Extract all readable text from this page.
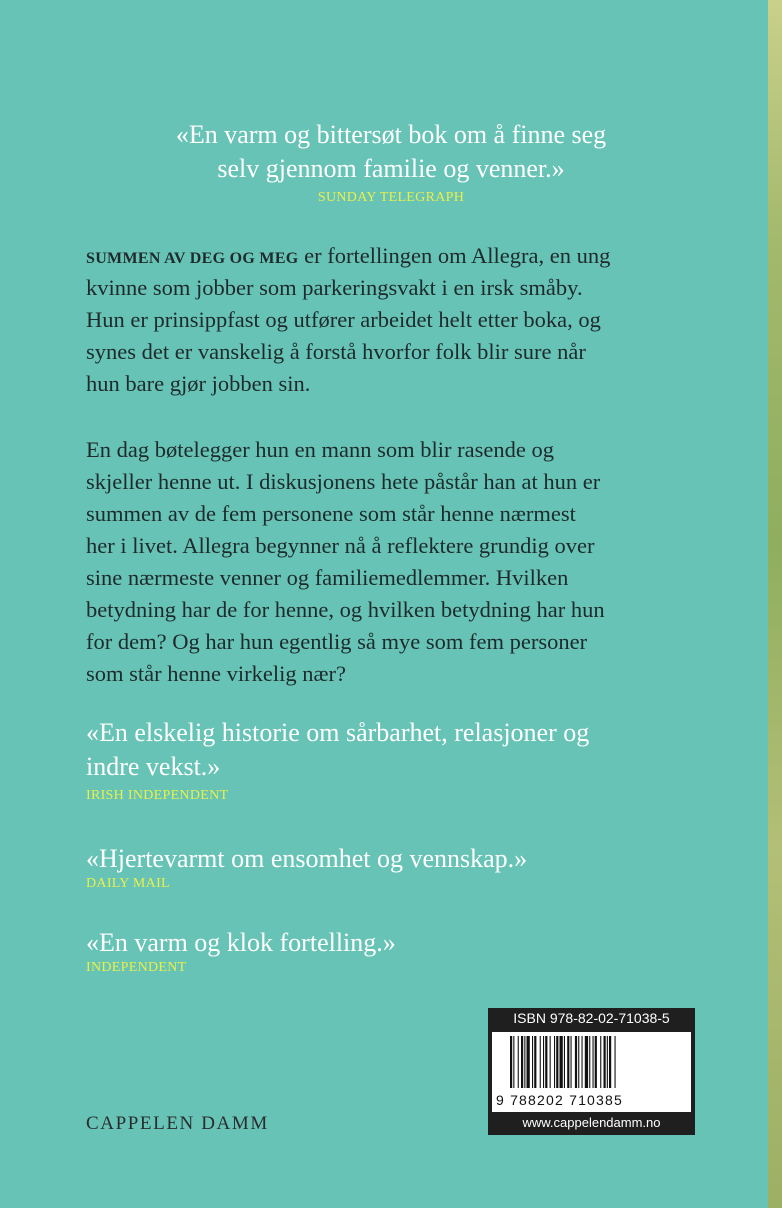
«En varm og bittersøt bok om å finne seg

selv gjennom familie og venner.»

SUNDAY TELEGRAPH

SUMMEN AV DEG OG MEG er fortellingen om Allegra, en ung

kvinne som jobber som parkeringsvakt i en irsk småby.

Hun er prinsippfast og utfører arbeidet helt etter boka, og

synes det er vanskelig å forstå hvorfor folk blir sure når

hun bare gjør jobben sin.

En dag bøtelegger hun en mann som blir rasende og

skjeller henne ut. I diskusjonens hete påstår han at hun er

summen av de fem personene som står henne nærmest

her i livet. Allegra begynner nå å reflektere grundig over

sine nærmeste venner og familiemedlemmer. Hvilken

betydning har de for henne, og hvilken betydning har hun

for dem? Og har hun egentlig så mye som fem personer

som står henne virkelig nær?

«En elskelig historie om sårbarhet, relasjoner og

indre vekst.»

IRISH INDEPENDENT

«Hjertevarmt om ensomhet og vennskap.»

DAILY MAIL

«En varm og klok fortelling.»

INDEPENDENT

CAPPELEN DAMM
ISBN 978-82-02-71038-5
9 788202 710385
www.cappelendamm.no
